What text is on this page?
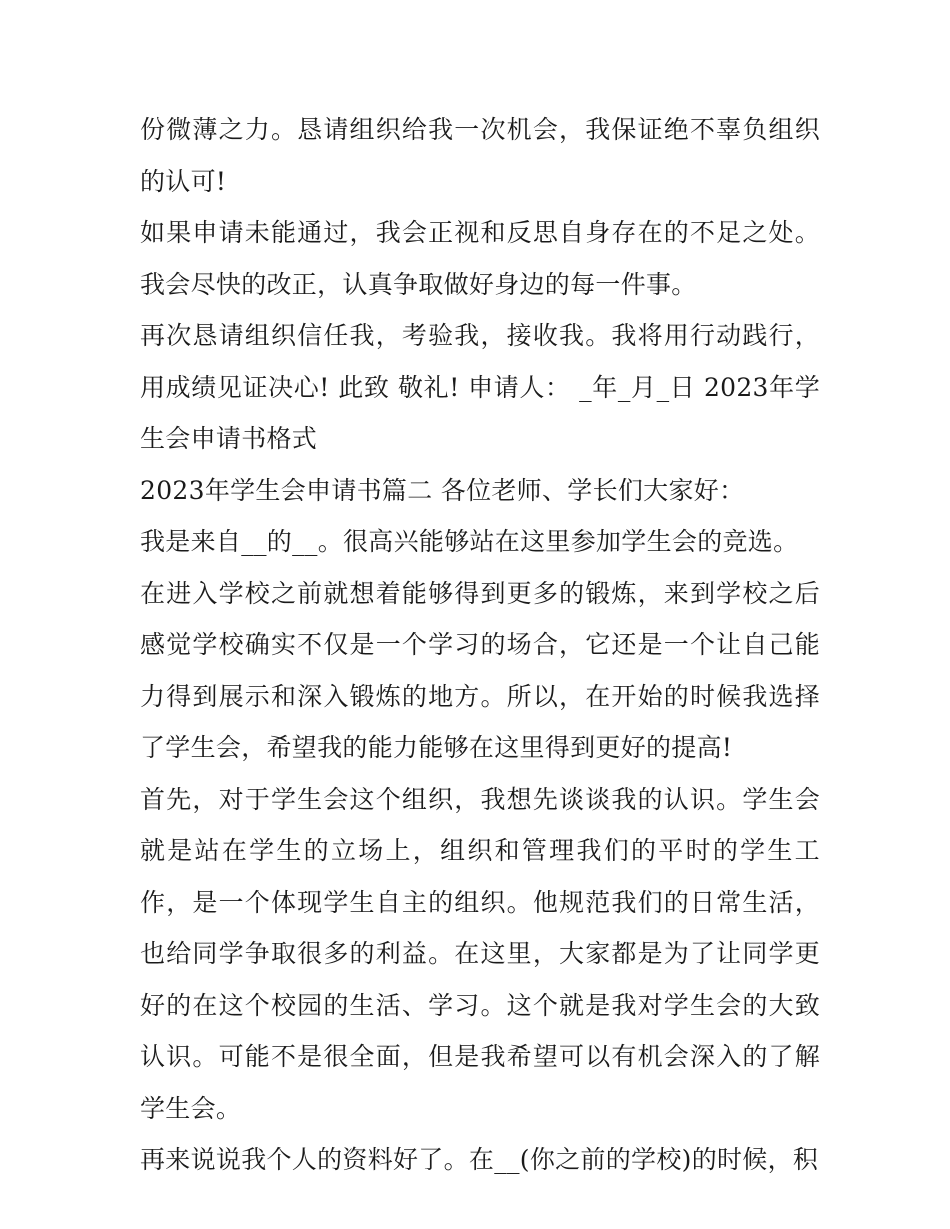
份微薄之力。恳请组织给我一次机会，我保证绝不辜负组织的认可!

如果申请未能通过，我会正视和反思自身存在的不足之处。我会尽快的改正，认真争取做好身边的每一件事。

再次恳请组织信任我，考验我，接收我。我将用行动践行，用成绩见证决心! 此致 敬礼! 申请人： _年_月_日 2023年学生会申请书格式

2023年学生会申请书篇二 各位老师、学长们大家好：

我是来自__的__。很高兴能够站在这里参加学生会的竞选。

在进入学校之前就想着能够得到更多的锻炼，来到学校之后感觉学校确实不仅是一个学习的场合，它还是一个让自己能力得到展示和深入锻炼的地方。所以，在开始的时候我选择了学生会，希望我的能力能够在这里得到更好的提高!

首先，对于学生会这个组织，我想先谈谈我的认识。学生会就是站在学生的立场上，组织和管理我们的平时的学生工作，是一个体现学生自主的组织。他规范我们的日常生活，也给同学争取很多的利益。在这里，大家都是为了让同学更好的在这个校园的生活、学习。这个就是我对学生会的大致认识。可能不是很全面，但是我希望可以有机会深入的了解学生会。

再来说说我个人的资料好了。在__(你之前的学校)的时候，积
